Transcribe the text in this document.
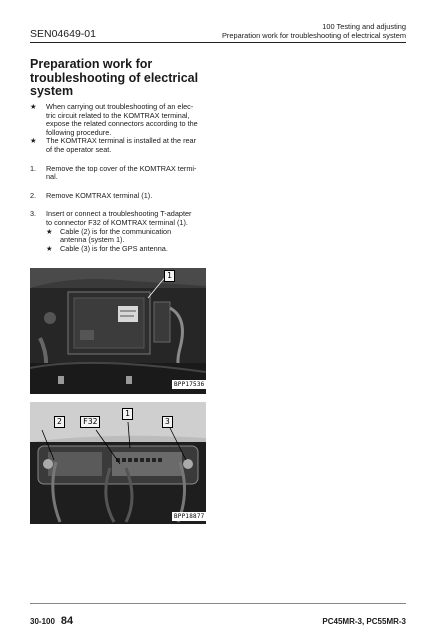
SEN04649-01
100 Testing and adjusting
Preparation work for troubleshooting of electrical system
Preparation work for
troubleshooting of electrical
system
★ When carrying out troubleshooting of an elec-
tric circuit related to the KOMTRAX terminal,
expose the related connectors according to the
following procedure.
★ The KOMTRAX terminal is installed at the rear
of the operator seat.
1. Remove the top cover of the KOMTRAX termi-
nal.
2. Remove KOMTRAX terminal (1).
3. Insert or connect a troubleshooting T-adapter
to connector F32 of KOMTRAX terminal (1).
★ Cable (2) is for the communication
antenna (system 1).
★ Cable (3) is for the GPS antenna.
1
BPP17536
2	F32
1
3
BPP18877
30-100 84	PC45MR-3, PC55MR-3
